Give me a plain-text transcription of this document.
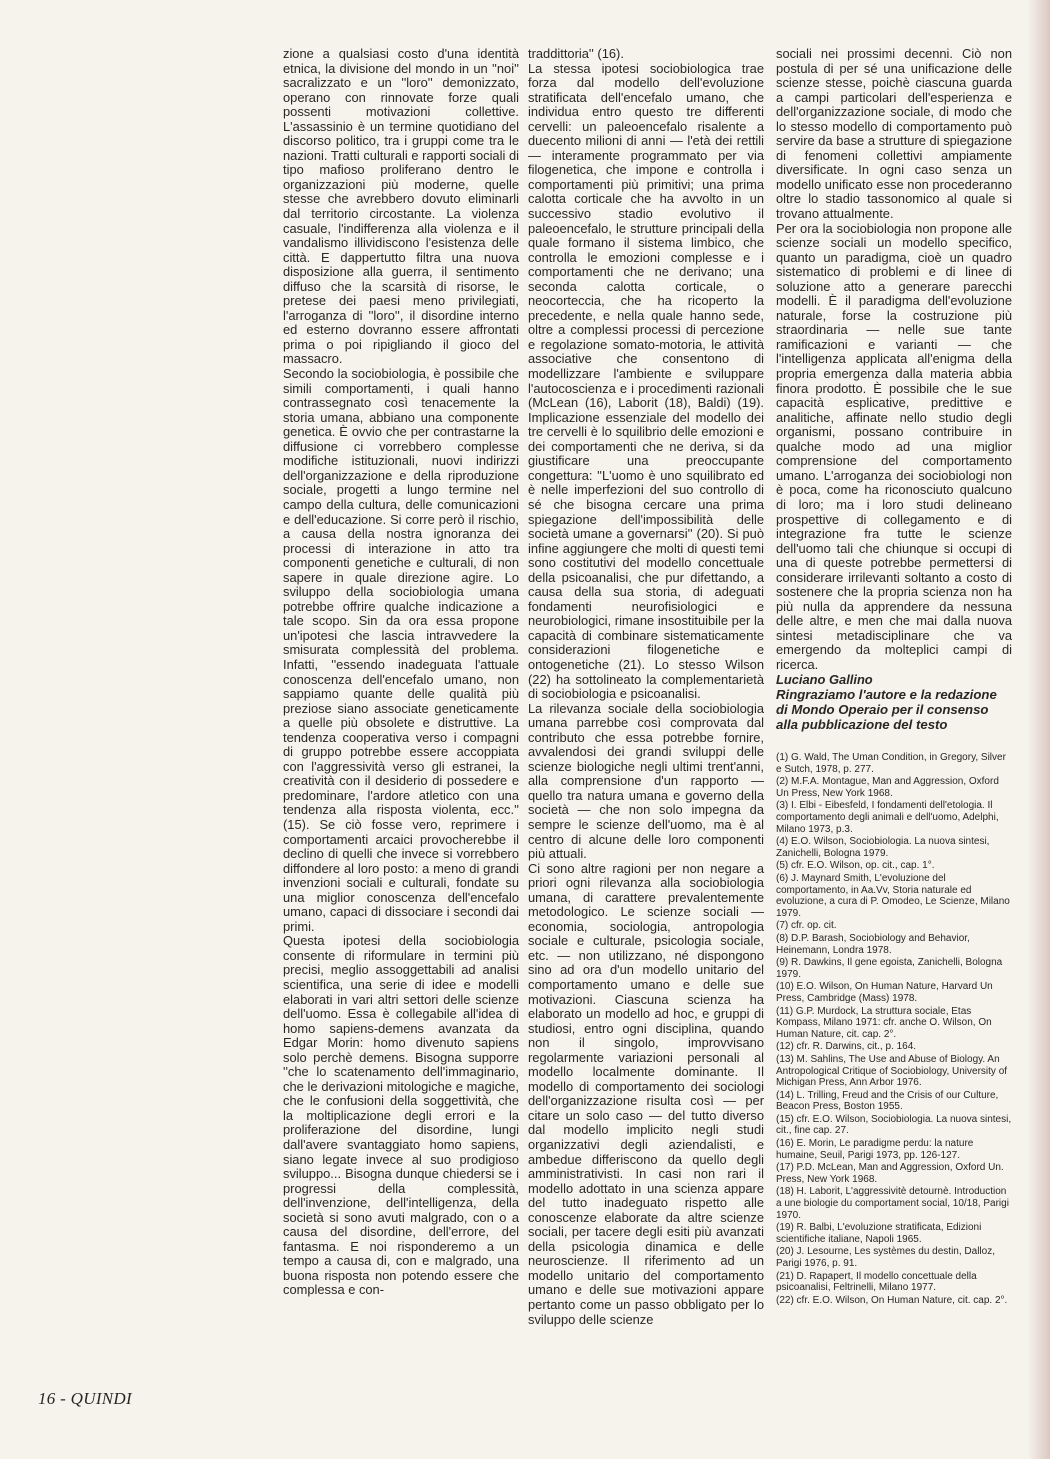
zione a qualsiasi costo d'una identità etnica, la divisione del mondo in un ''noi'' sacralizzato e un ''loro'' demonizzato, operano con rinnovate forze quali possenti motivazioni collettive. L'assassinio è un termine quotidiano del discorso politico, tra i gruppi come tra le nazioni. Tratti culturali e rapporti sociali di tipo mafioso proliferano dentro le organizzazioni più moderne, quelle stesse che avrebbero dovuto eliminarli dal territorio circostante. La violenza casuale, l'indifferenza alla violenza e il vandalismo illividiscono l'esistenza delle città. E dappertutto filtra una nuova disposizione alla guerra, il sentimento diffuso che la scarsità di risorse, le pretese dei paesi meno privilegiati, l'arroganza di ''loro'', il disordine interno ed esterno dovranno essere affrontati prima o poi ripigliando il gioco del massacro.

Secondo la sociobiologia, è possibile che simili comportamenti, i quali hanno contrassegnato così tenacemente la storia umana, abbiano una componente genetica. È ovvio che per contrastarne la diffusione ci vorrebbero complesse modifiche istituzionali, nuovi indirizzi dell'organizzazione e della riproduzione sociale, progetti a lungo termine nel campo della cultura, delle comunicazioni e dell'educazione. Si corre però il rischio, a causa della nostra ignoranza dei processi di interazione in atto tra componenti genetiche e culturali, di non sapere in quale direzione agire. Lo sviluppo della sociobiologia umana potrebbe offrire qualche indicazione a tale scopo. Sin da ora essa propone un'ipotesi che lascia intravvedere la smisurata complessità del problema. Infatti, ''essendo inadeguata l'attuale conoscenza dell'encefalo umano, non sappiamo quante delle qualità più preziose siano associate geneticamente a quelle più obsolete e distruttive. La tendenza cooperativa verso i compagni di gruppo potrebbe essere accoppiata con l'aggressività verso gli estranei, la creatività con il desiderio di possedere e predominare, l'ardore atletico con una tendenza alla risposta violenta, ecc.'' (15). Se ciò fosse vero, reprimere i comportamenti arcaici provocherebbe il declino di quelli che invece si vorrebbero diffondere al loro posto: a meno di grandi invenzioni sociali e culturali, fondate su una miglior conoscenza dell'encefalo umano, capaci di dissociare i secondi dai primi.

Questa ipotesi della sociobiologia consente di riformulare in termini più precisi, meglio assoggettabili ad analisi scientifica, una serie di idee e modelli elaborati in vari altri settori delle scienze dell'uomo. Essa è collegabile all'idea di homo sapiens-demens avanzata da Edgar Morin: homo divenuto sapiens solo perchè demens. Bisogna supporre ''che lo scatenamento dell'immaginario, che le derivazioni mitologiche e magiche, che le confusioni della soggettività, che la moltiplicazione degli errori e la proliferazione del disordine, lungi dall'avere svantaggiato homo sapiens, siano legate invece al suo prodigioso sviluppo... Bisogna dunque chiedersi se i progressi della complessità, dell'invenzione, dell'intelligenza, della società si sono avuti malgrado, con o a causa del disordine, dell'errore, del fantasma. E noi risponderemo a un tempo a causa di, con e malgrado, una buona risposta non potendo essere che complessa e con-

traddittoria'' (16).

La stessa ipotesi sociobiologica trae forza dal modello dell'evoluzione stratificata dell'encefalo umano, che individua entro questo tre differenti cervelli: un paleoencefalo risalente a duecento milioni di anni — l'età dei rettili — interamente programmato per via filogenetica, che impone e controlla i comportamenti più primitivi; una prima calotta corticale che ha avvolto in un successivo stadio evolutivo il paleoencefalo, le strutture principali della quale formano il sistema limbico, che controlla le emozioni complesse e i comportamenti che ne derivano; una seconda calotta corticale, o neocorteccia, che ha ricoperto la precedente, e nella quale hanno sede, oltre a complessi processi di percezione e regolazione somato-motoria, le attività associative che consentono di modellizzare l'ambiente e sviluppare l'autocoscienza e i procedimenti razionali (McLean (16), Laborit (18), Baldi) (19). Implicazione essenziale del modello dei tre cervelli è lo squilibrio delle emozioni e dei comportamenti che ne deriva, si da giustificare una preoccupante congettura: ''L'uomo è uno squilibrato ed è nelle imperfezioni del suo controllo di sé che bisogna cercare una prima spiegazione dell'impossibilità delle società umane a governarsi'' (20). Si può infine aggiungere che molti di questi temi sono costitutivi del modello concettuale della psicoanalisi, che pur difettando, a causa della sua storia, di adeguati fondamenti neurofisiologici e neurobiologici, rimane insostituibile per la capacità di combinare sistematicamente considerazioni filogenetiche e ontogenetiche (21). Lo stesso Wilson (22) ha sottolineato la complementarietà di sociobiologia e psicoanalisi.

La rilevanza sociale della sociobiologia umana parrebbe così comprovata dal contributo che essa potrebbe fornire, avvalendosi dei grandi sviluppi delle scienze biologiche negli ultimi trent'anni, alla comprensione d'un rapporto — quello tra natura umana e governo della società — che non solo impegna da sempre le scienze dell'uomo, ma è al centro di alcune delle loro componenti più attuali.

Ci sono altre ragioni per non negare a priori ogni rilevanza alla sociobiologia umana, di carattere prevalentemente metodologico. Le scienze sociali — economia, sociologia, antropologia sociale e culturale, psicologia sociale, etc. — non utilizzano, né dispongono sino ad ora d'un modello unitario del comportamento umano e delle sue motivazioni. Ciascuna scienza ha elaborato un modello ad hoc, e gruppi di studiosi, entro ogni disciplina, quando non il singolo, improvvisano regolarmente variazioni personali al modello localmente dominante. Il modello di comportamento dei sociologi dell'organizzazione risulta così — per citare un solo caso — del tutto diverso dal modello implicito negli studi organizzativi degli aziendalisti, e ambedue differiscono da quello degli amministrativisti. In casi non rari il modello adottato in una scienza appare del tutto inadeguato rispetto alle conoscenze elaborate da altre scienze sociali, per tacere degli esiti più avanzati della psicologia dinamica e delle neuroscienze. Il riferimento ad un modello unitario del comportamento umano e delle sue motivazioni appare pertanto come un passo obbligato per lo sviluppo delle scienze

sociali nei prossimi decenni. Ciò non postula di per sé una unificazione delle scienze stesse, poichè ciascuna guarda a campi particolari dell'esperienza e dell'organizzazione sociale, di modo che lo stesso modello di comportamento può servire da base a strutture di spiegazione di fenomeni collettivi ampiamente diversificate. In ogni caso senza un modello unificato esse non procederanno oltre lo stadio tassonomico al quale si trovano attualmente.

Per ora la sociobiologia non propone alle scienze sociali un modello specifico, quanto un paradigma, cioè un quadro sistematico di problemi e di linee di soluzione atto a generare parecchi modelli. È il paradigma dell'evoluzione naturale, forse la costruzione più straordinaria — nelle sue tante ramificazioni e varianti — che l'intelligenza applicata all'enigma della propria emergenza dalla materia abbia finora prodotto. È possibile che le sue capacità esplicative, predittive e analitiche, affinate nello studio degli organismi, possano contribuire in qualche modo ad una miglior comprensione del comportamento umano. L'arroganza dei sociobiologi non è poca, come ha riconosciuto qualcuno di loro; ma i loro studi delineano prospettive di collegamento e di integrazione fra tutte le scienze dell'uomo tali che chiunque si occupi di una di queste potrebbe permettersi di considerare irrilevanti soltanto a costo di sostenere che la propria scienza non ha più nulla da apprendere da nessuna delle altre, e men che mai dalla nuova sintesi metadisciplinare che va emergendo da molteplici campi di ricerca.

Luciano Gallino

Ringraziamo l'autore e la redazione di Mondo Operaio per il consenso alla pubblicazione del testo

(1) G. Wald, The Uman Condition, in Gregory, Silver e Sutch, 1978, p. 277.

(2) M.F.A. Montague, Man and Aggression, Oxford Un Press, New York 1968.

(3) I. Elbi - Eibesfeld, I fondamenti dell'etologia. Il comportamento degli animali e dell'uomo, Adelphi, Milano 1973, p.3.

(4) E.O. Wilson, Sociobiologia. La nuova sintesi, Zanichelli, Bologna 1979.

(5) cfr. E.O. Wilson, op. cit., cap. 1°.

(6) J. Maynard Smith, L'evoluzione del comportamento, in Aa.Vv, Storia naturale ed evoluzione, a cura di P. Omodeo, Le Scienze, Milano 1979.

(7) cfr. op. cit.

(8) D.P. Barash, Sociobiology and Behavior, Heinemann, Londra 1978.

(9) R. Dawkins, Il gene egoista, Zanichelli, Bologna 1979.

(10) E.O. Wilson, On Human Nature, Harvard Un Press, Cambridge (Mass) 1978.

(11) G.P. Murdock, La struttura sociale, Etas Kompass, Milano 1971: cfr. anche O. Wilson, On Human Nature, cit. cap. 2°.

(12) cfr. R. Darwins, cit., p. 164.

(13) M. Sahlins, The Use and Abuse of Biology. An Antropological Critique of Sociobiology, University of Michigan Press, Ann Arbor 1976.

(14) L. Trilling, Freud and the Crisis of our Culture, Beacon Press, Boston 1955.

(15) cfr. E.O. Wilson, Sociobiologia. La nuova sintesi, cit., fine cap. 27.

(16) E. Morin, Le paradigme perdu: la nature humaine, Seuil, Parigi 1973, pp. 126-127.

(17) P.D. McLean, Man and Aggression, Oxford Un. Press, New York 1968.

(18) H. Laborit, L'aggressivitè detournè. Introduction a une biologie du comportament social, 10/18, Parigi 1970.

(19) R. Balbi, L'evoluzione stratificata, Edizioni scientifiche italiane, Napoli 1965.

(20) J. Lesourne, Les systèmes du destin, Dalloz, Parigi 1976, p. 91.

(21) D. Rapapert, Il modello concettuale della psicoanalisi, Feltrinelli, Milano 1977.

(22) cfr. E.O. Wilson, On Human Nature, cit. cap. 2°.

16 - QUINDI
